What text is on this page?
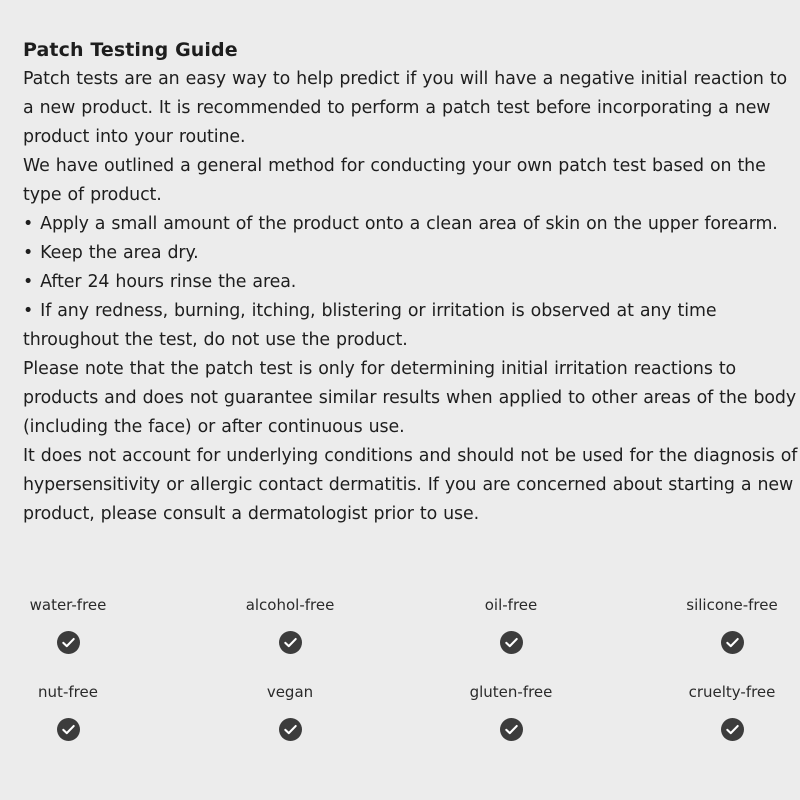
Patch Testing Guide

Patch tests are an easy way to help predict if you will have a negative initial reaction to a new product. It is recommended to perform a patch test before incorporating a new product into your routine.

We have outlined a general method for conducting your own patch test based on the type of product.

• Apply a small amount of the product onto a clean area of skin on the upper forearm.
• Keep the area dry.
• After 24 hours rinse the area.
• If any redness, burning, itching, blistering or irritation is observed at any time throughout the test, do not use the product.

Please note that the patch test is only for determining initial irritation reactions to products and does not guarantee similar results when applied to other areas of the body (including the face) or after continuous use.

It does not account for underlying conditions and should not be used for the diagnosis of hypersensitivity or allergic contact dermatitis. If you are concerned about starting a new product, please consult a dermatologist prior to use.

water-free	alcohol-free	oil-free	silicone-free
nut-free	vegan	gluten-free	cruelty-free
